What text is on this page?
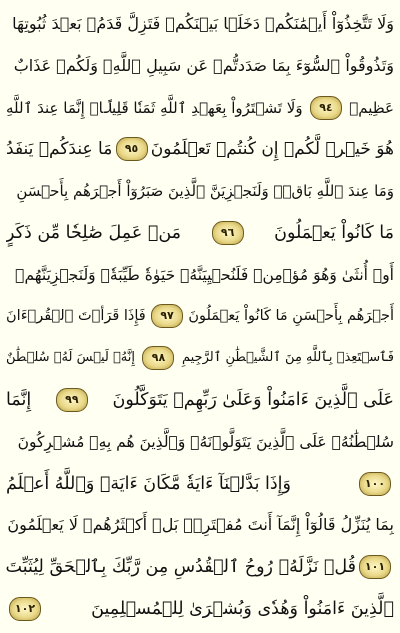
وَلَا تَتَّخِذُوٓاْ أَيۡمَٰنَكُمۡ دَخَلَۢا بَيۡنَكُمۡ فَتَزِلَّ قَدَمُۢ بَعۡدَ ثُبُوتِهَا
وَتَذُوقُواْ ٱلسُّوٓءَ بِمَا صَدَدتُّمۡ عَن سَبِيلِ ٱللَّهِۖ وَلَكُمۡ عَذَابٌ
عَظِيمٞ
٩٤
وَلَا تَشۡتَرُواْ بِعَهۡدِ ٱللَّهِ ثَمَنٗا قَلِيلًاۚ إِنَّمَا عِندَ ٱللَّهِ
هُوَ خَيۡرٞ لَّكُمۡ إِن كُنتُمۡ تَعۡلَمُونَ
٩٥
مَا عِندَكُمۡ يَنفَدُ
وَمَا عِندَ ٱللَّهِ بَاقٖۗ وَلَنَجۡزِيَنَّ ٱلَّذِينَ صَبَرُوٓاْ أَجۡرَهُم بِأَحۡسَنِ
مَا كَانُواْ يَعۡمَلُونَ
٩٦
مَنۡ عَمِلَ صَٰلِحٗا مِّن ذَكَرٍ
أَوۡ أُنثَىٰ وَهُوَ مُؤۡمِنٞ فَلَنُحۡيِيَنَّهُۥ حَيَوٰةٗ طَيِّبَةٗۖ وَلَنَجۡزِيَنَّهُمۡ
أَجۡرَهُم بِأَحۡسَنِ مَا كَانُواْ يَعۡمَلُونَ
٩٧
فَإِذَا قَرَأۡتَ ٱلۡقُرۡءَانَ
فَٱسۡتَعِذۡ بِٱللَّهِ مِنَ ٱلشَّيۡطَٰنِ ٱلرَّجِيمِ
٩٨
إِنَّهُۥ لَيۡسَ لَهُۥ سُلۡطَٰنٌ
عَلَى ٱلَّذِينَ ءَامَنُواْ وَعَلَىٰ رَبِّهِمۡ يَتَوَكَّلُونَ
٩٩
إِنَّمَا
سُلۡطَٰنُهُۥ عَلَى ٱلَّذِينَ يَتَوَلَّوۡنَهُۥ وَٱلَّذِينَ هُم بِهِۦ مُشۡرِكُونَ
١٠٠
وَإِذَا بَدَّلۡنَآ ءَايَةٗ مَّكَانَ ءَايَةٖ وَٱللَّهُ أَعۡلَمُ
بِمَا يُنَزِّلُ قَالُوٓاْ إِنَّمَآ أَنتَ مُفۡتَرِۭۚ بَلۡ أَكۡثَرُهُمۡ لَا يَعۡلَمُونَ
١٠١
قُلۡ نَزَّلَهُۥ رُوحُ ٱلۡقُدُسِ مِن رَّبِّكَ بِٱلۡحَقِّ لِيُثَبِّتَ
ٱلَّذِينَ ءَامَنُواْ وَهُدٗى وَبُشۡرَىٰ لِلۡمُسۡلِمِينَ
١٠٢
